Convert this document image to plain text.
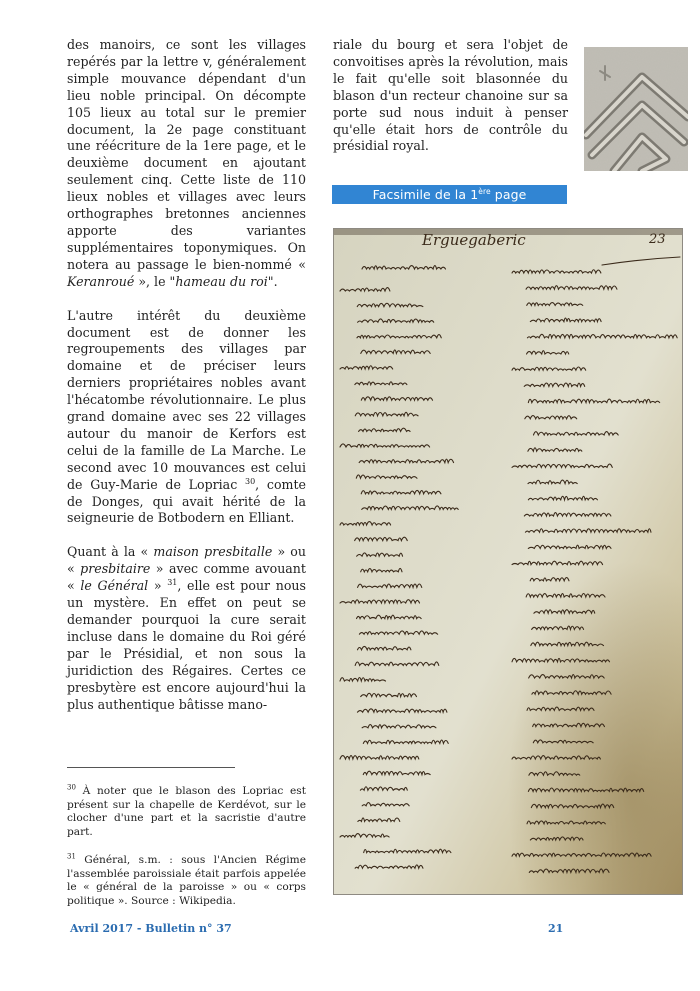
des manoirs, ce sont les villages repérés par la lettre v, généralement simple mouvance dépendant d'un lieu noble principal. On décompte 105 lieux au total sur le premier document, la 2e page constituant une réécriture de la 1ere page, et le deuxième document en ajoutant seulement cinq. Cette liste de 110 lieux nobles et villages avec leurs orthographes bretonnes anciennes apporte des variantes supplémentaires toponymiques. On notera au passage le bien-nommé « Keranroué », le "hameau du roi".

L'autre intérêt du deuxième document est de donner les regroupements des villages par domaine et de préciser leurs derniers propriétaires nobles avant l'hécatombe révolutionnaire. Le plus grand domaine avec ses 22 villages autour du manoir de Kerfors est celui de la famille de La Marche. Le second avec 10 mouvances est celui de Guy-Marie de Lopriac $^{30}$, comte de Donges, qui avait hérité de la seigneurie de Botbodern en Elliant.

Quant à la « maison presbitalle » ou « presbitaire » avec comme avouant « le Général » $^{31}$, elle est pour nous un mystère. En effet on peut se demander pourquoi la cure serait incluse dans le domaine du Roi géré par le Présidial, et non sous la juridiction des Régaires. Certes ce presbytère est encore aujourd'hui la plus authentique bâtisse mano-

$^{30}$ À noter que le blason des Lopriac est présent sur la chapelle de Kerdévot, sur le clocher d'une part et la sacristie d'autre part.
$^{31}$ Général, s.m. : sous l'Ancien Régime l'assemblée paroissiale était parfois appelée le « général de la paroisse » ou « corps politique ». Source : Wikipedia.

riale du bourg et sera l'objet de convoitises après la révolution, mais le fait qu'elle soit blasonnée du blason d'un recteur chanoine sur sa porte sud nous induit à penser qu'elle était hors de contrôle du présidial royal.

Facsimile de la 1ère page
Erguegaberic	23
Avril 2017 - Bulletin n° 37	21
